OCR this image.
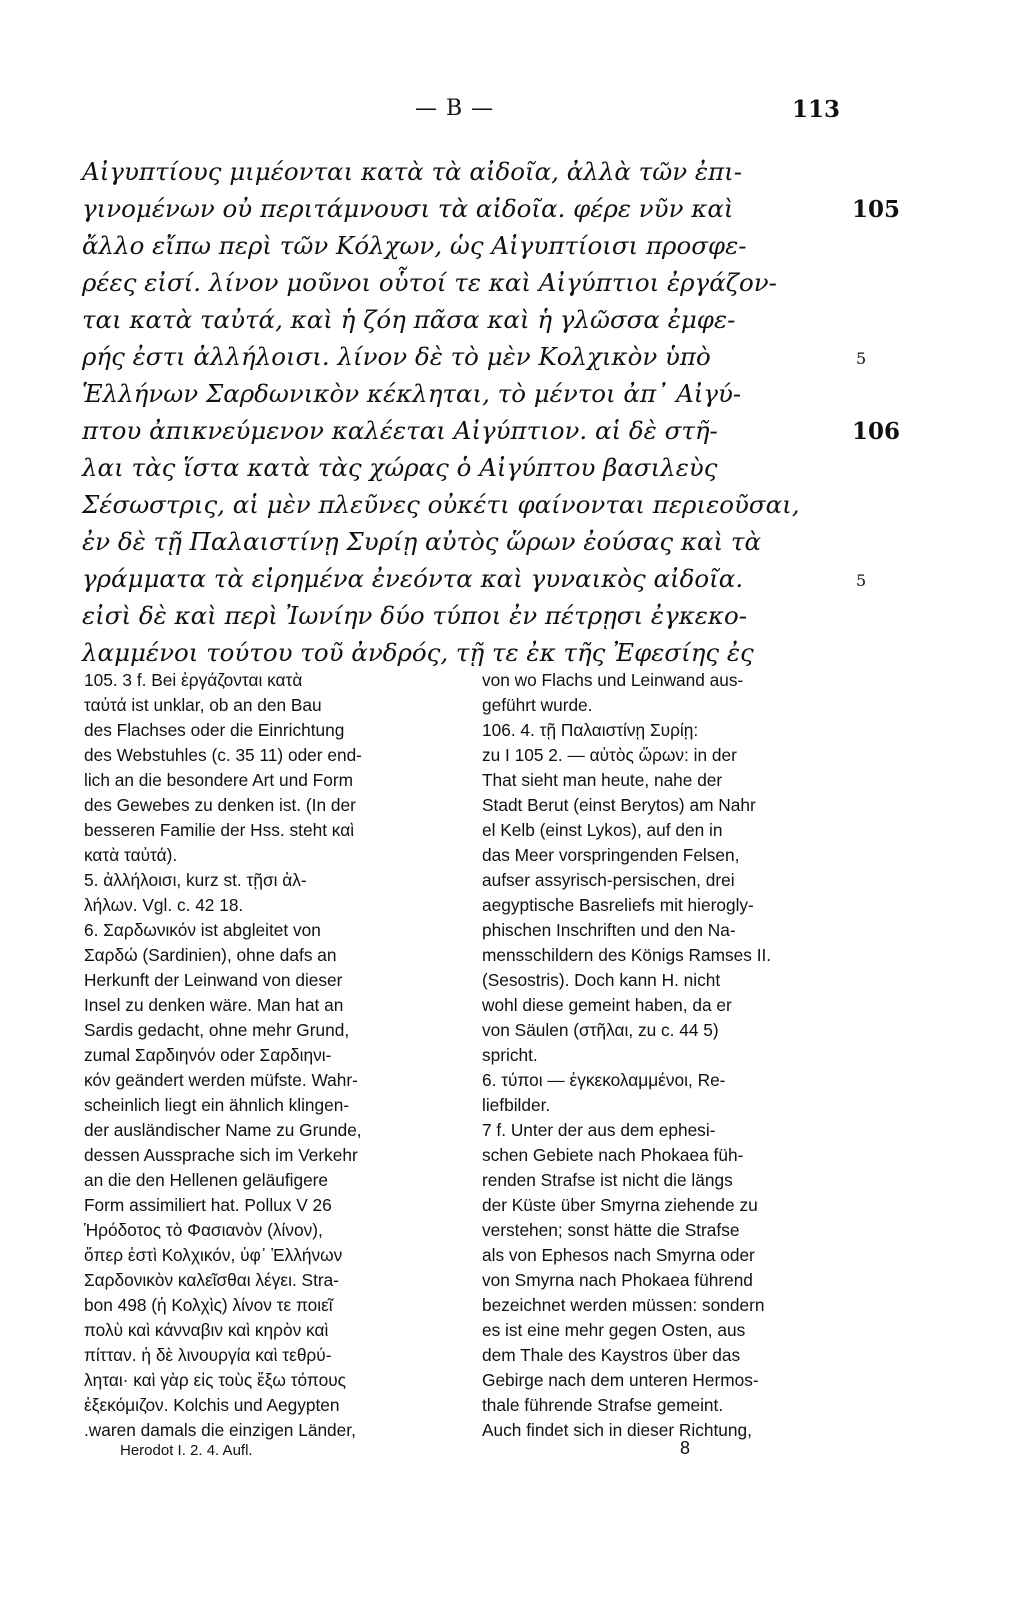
— B —	113
Αἰγυπτίους μιμέονται κατὰ τὰ αἰδοῖα, ἀλλὰ τῶν ἐπι-
γινομένων οὐ περιτάμνουσι τὰ αἰδοῖα. φέρε νῦν καὶ
ἄλλο εἴπω περὶ τῶν Κόλχων, ὡς Αἰγυπτίοισι προσφε-
ρέες εἰσί. λίνον μοῦνοι οὗτοί τε καὶ Αἰγύπτιοι ἐργάζον-
ται κατὰ ταὐτά, καὶ ἡ ζόη πᾶσα καὶ ἡ γλῶσσα ἐμφε-
ρής ἐστι ἀλλήλοισι. λίνον δὲ τὸ μὲν Κολχικὸν ὑπὸ
Ἑλλήνων Σαρδωνικὸν κέκληται, τὸ μέντοι ἀπ᾿ Αἰγύ-
πτου ἀπικνεύμενον καλέεται Αἰγύπτιον. αἱ δὲ στῆ-
λαι τὰς ἵστα κατὰ τὰς χώρας ὁ Αἰγύπτου βασιλεὺς
Σέσωστρις, αἱ μὲν πλεῦνες οὐκέτι φαίνονται περιεοῦσαι,
ἐν δὲ τῇ Παλαιστίνῃ Συρίῃ αὐτὸς ὥρων ἐούσας καὶ τὰ
γράμματα τὰ εἰρημένα ἐνεόντα καὶ γυναικὸς αἰδοῖα.
εἰσὶ δὲ καὶ περὶ Ἰωνίην δύο τύποι ἐν πέτρῃσι ἐγκεκο-
λαμμένοι τούτου τοῦ ἀνδρός, τῇ τε ἐκ τῆς Ἐφεσίης ἐς
105
5
106
5
105. 3 f. Bei ἐργάζονται κατὰ
ταὐτά ist unklar, ob an den Bau
des Flachses oder die Einrichtung
des Webstuhles (c. 35 11) oder end-
lich an die besondere Art und Form
des Gewebes zu denken ist. (In der
besseren Familie der Hss. steht καὶ
κατὰ ταὐτά).
5. ἀλλήλοισι, kurz st. τῇσι ἀλ-
λήλων. Vgl. c. 42 18.
6. Σαρδωνικόν ist abgleitet von
Σαρδώ (Sardinien), ohne dafs an
Herkunft der Leinwand von dieser
Insel zu denken wäre. Man hat an
Sardis gedacht, ohne mehr Grund,
zumal Σαρδιηνόν oder Σαρδιηνι-
κόν geändert werden müfste. Wahr-
scheinlich liegt ein ähnlich klingen-
der ausländischer Name zu Grunde,
dessen Aussprache sich im Verkehr
an die den Hellenen geläufigere
Form assimiliert hat. Pollux V 26
Ἡρόδοτος τὸ Φασιανὸν (λίνον),
ὅπερ ἐστὶ Κολχικόν, ὑφ᾿ Ἑλλήνων
Σαρδονικὸν καλεῖσθαι λέγει. Stra-
bon 498 (ἡ Κολχὶς) λίνον τε ποιεῖ
πολὺ καὶ κάνναβιν καὶ κηρὸν καὶ
πίτταν. ἡ δὲ λινουργία καὶ τεθρύ-
ληται· καὶ γὰρ εἰς τοὺς ἔξω τόπους
ἐξεκόμιζον. Kolchis und Aegypten
.waren damals die einzigen Länder,
von wo Flachs und Leinwand aus-
geführt wurde.
106. 4. τῇ Παλαιστίνῃ Συρίῃ:
zu I 105 2. — αὐτὸς ὥρων: in der
That sieht man heute, nahe der
Stadt Berut (einst Berytos) am Nahr
el Kelb (einst Lykos), auf den in
das Meer vorspringenden Felsen,
aufser assyrisch-persischen, drei
aegyptische Basreliefs mit hierogly-
phischen Inschriften und den Na-
mensschildern des Königs Ramses II.
(Sesostris). Doch kann H. nicht
wohl diese gemeint haben, da er
von Säulen (στῆλαι, zu c. 44 5)
spricht.
6. τύποι — ἐγκεκολαμμένοι, Re-
liefbilder.
7 f. Unter der aus dem ephesi-
schen Gebiete nach Phokaea füh-
renden Strafse ist nicht die längs
der Küste über Smyrna ziehende zu
verstehen; sonst hätte die Strafse
als von Ephesos nach Smyrna oder
von Smyrna nach Phokaea führend
bezeichnet werden müssen: sondern
es ist eine mehr gegen Osten, aus
dem Thale des Kaystros über das
Gebirge nach dem unteren Hermos-
thale führende Strafse gemeint.
Auch findet sich in dieser Richtung,
Herodot I. 2. 4. Aufl.	8
